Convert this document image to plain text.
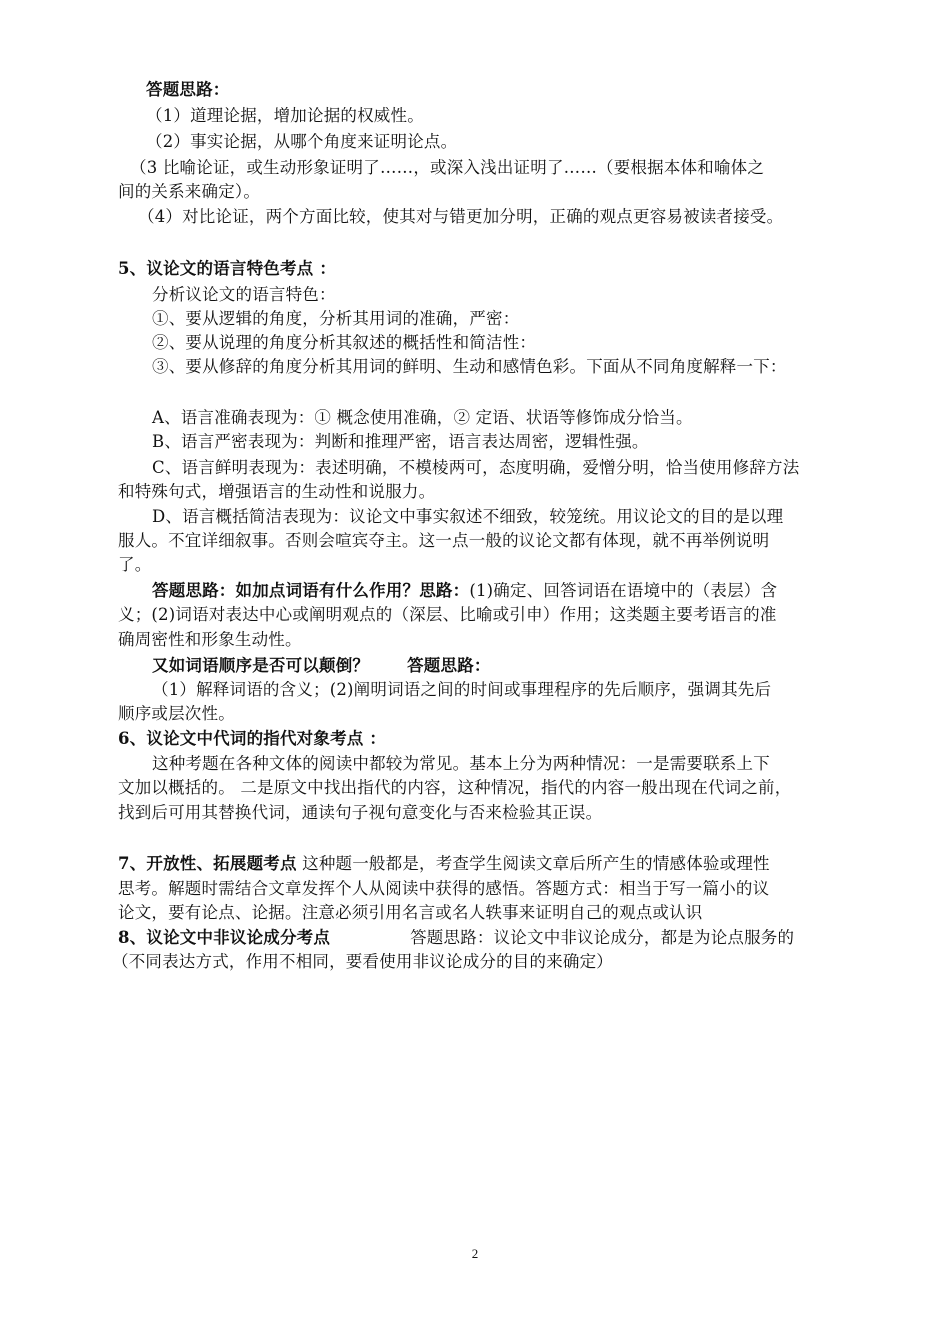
答题思路：
（1）道理论据，增加论据的权威性。
（2）事实论据，从哪个角度来证明论点。
（3 比喻论证，或生动形象证明了……，或深入浅出证明了……（要根据本体和喻体之
间的关系来确定）。
（4）对比论证，两个方面比较，使其对与错更加分明，正确的观点更容易被读者接受。
5、议论文的语言特色考点 ：
分析议论文的语言特色：
①、要从逻辑的角度，分析其用词的准确，严密：
②、要从说理的角度分析其叙述的概括性和简洁性：
③、要从修辞的角度分析其用词的鲜明、生动和感情色彩。下面从不同角度解释一下：
A、语言准确表现为：① 概念使用准确，② 定语、状语等修饰成分恰当。
B、语言严密表现为：判断和推理严密，语言表达周密，逻辑性强。
C、语言鲜明表现为：表述明确，不模棱两可，态度明确，爱憎分明，恰当使用修辞方法
和特殊句式，增强语言的生动性和说服力。
D、语言概括简洁表现为：议论文中事实叙述不细致，较笼统。用议论文的目的是以理
服人。不宜详细叙事。否则会喧宾夺主。这一点一般的议论文都有体现，就不再举例说明
了。
答题思路：如加点词语有什么作用？思路：(1)确定、回答词语在语境中的（表层）含
义；(2)词语对表达中心或阐明观点的（深层、比喻或引申）作用；这类题主要考语言的准
确周密性和形象生动性。
又如词语顺序是否可以颠倒？ 答题思路：
（1）解释词语的含义；(2)阐明词语之间的时间或事理程序的先后顺序，强调其先后
顺序或层次性。
6、议论文中代词的指代对象考点 ：
这种考题在各种文体的阅读中都较为常见。基本上分为两种情况：一是需要联系上下
文加以概括的。 二是原文中找出指代的内容，这种情况，指代的内容一般出现在代词之前，
找到后可用其替换代词，通读句子视句意变化与否来检验其正误。
7、开放性、拓展题考点 这种题一般都是，考查学生阅读文章后所产生的情感体验或理性
思考。解题时需结合文章发挥个人从阅读中获得的感悟。答题方式：相当于写一篇小的议
论文，要有论点、论据。注意必须引用名言或名人轶事来证明自己的观点或认识
8、议论文中非议论成分考点	答题思路：议论文中非议论成分，都是为论点服务的
（不同表达方式，作用不相同，要看使用非议论成分的目的来确定）
2
